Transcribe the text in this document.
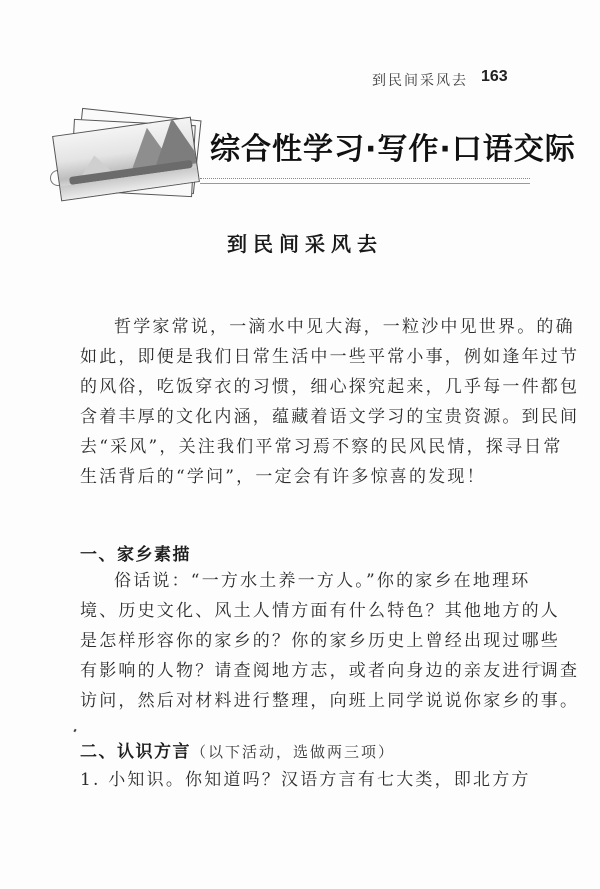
到民间采风去 163
综合性学习·写作·口语交际
到民间采风去
哲学家常说，一滴水中见大海，一粒沙中见世界。的确
如此，即便是我们日常生活中一些平常小事，例如逢年过节
的风俗，吃饭穿衣的习惯，细心探究起来，几乎每一件都包
含着丰厚的文化内涵，蕴藏着语文学习的宝贵资源。到民间
去“采风”，关注我们平常习焉不察的民风民情，探寻日常
生活背后的“学问”，一定会有许多惊喜的发现！
一、家乡素描
俗话说：“一方水土养一方人。”你的家乡在地理环
境、历史文化、风土人情方面有什么特色？其他地方的人
是怎样形容你的家乡的？你的家乡历史上曾经出现过哪些
有影响的人物？请查阅地方志，或者向身边的亲友进行调查
访问，然后对材料进行整理，向班上同学说说你家乡的事。
二、认识方言（以下活动，选做两三项）
1. 小知识。你知道吗？汉语方言有七大类，即北方方
